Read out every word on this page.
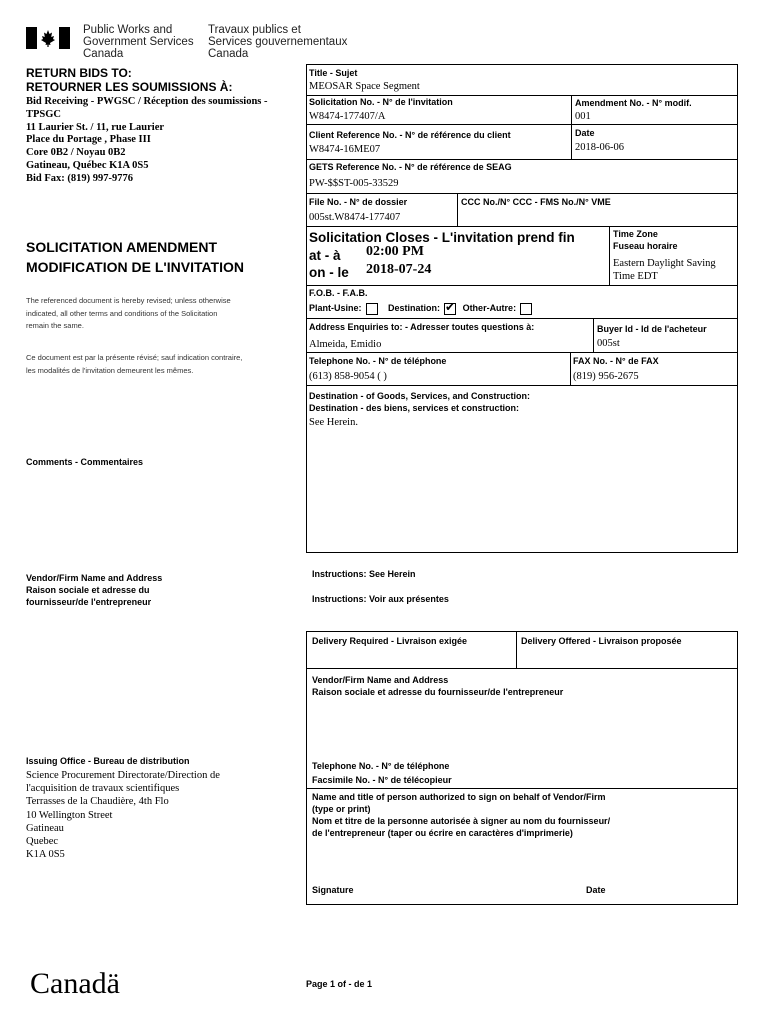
Public Works and
Government Services
Canada
Travaux publics et
Services gouvernementaux
Canada
RETURN BIDS TO:
RETOURNER LES SOUMISSIONS À:
Bid Receiving - PWGSC / Réception des soumissions -
TPSGC
11 Laurier St. / 11, rue Laurier
Place du Portage , Phase III
Core 0B2 / Noyau 0B2
Gatineau, Québec K1A 0S5
Bid Fax: (819) 997-9776
SOLICITATION AMENDMENT
MODIFICATION DE L'INVITATION
The referenced document is hereby revised; unless otherwise
indicated, all other terms and conditions of the Solicitation
remain the same.
Ce document est par la présente révisé; sauf indication contraire,
les modalités de l'invitation demeurent les mêmes.
Comments - Commentaires
Title - Sujet
MEOSAR Space Segment
Solicitation No. - N° de l'invitation
W8474-177407/A
Amendment No. - N° modif.
001
Client Reference No. - N° de référence du client
W8474-16ME07
Date
2018-06-06
GETS Reference No. - N° de référence de SEAG
PW-$$ST-005-33529
File No. - N° de dossier
005st.W8474-177407
CCC No./N° CCC - FMS No./N° VME
Solicitation Closes - L'invitation prend fin
at - à 02:00 PM
on - le 2018-07-24
Time Zone
Fuseau horaire
Eastern Daylight Saving
Time EDT
F.O.B. - F.A.B.
Plant-Usine:	Destination:✔	Other-Autre:
Address Enquiries to: - Adresser toutes questions à:
Almeida, Emidio
Buyer Id - Id de l'acheteur
005st
Telephone No. - N° de téléphone
(613) 858-9054 ( )
FAX No. - N° de FAX
(819) 956-2675
Destination - of Goods, Services, and Construction:
Destination - des biens, services et construction:
See Herein.
Vendor/Firm Name and Address
Raison sociale et adresse du
fournisseur/de l'entrepreneur
Instructions: See Herein
Instructions: Voir aux présentes
Delivery Required - Livraison exigée	Delivery Offered - Livraison proposée
Vendor/Firm Name and Address
Raison sociale et adresse du fournisseur/de l'entrepreneur
Telephone No. - N° de téléphone
Facsimile No. - N° de télécopieur
Name and title of person authorized to sign on behalf of Vendor/Firm
(type or print)
Nom et titre de la personne autorisée à signer au nom du fournisseur/
de l'entrepreneur (taper ou écrire en caractères d'imprimerie)
Signature	Date
Issuing Office - Bureau de distribution
Science Procurement Directorate/Direction de
l'acquisition de travaux scientifiques
Terrasses de la Chaudière, 4th Flo
10 Wellington Street
Gatineau
Quebec
K1A 0S5
Canadä	Page 1 of - de 1
